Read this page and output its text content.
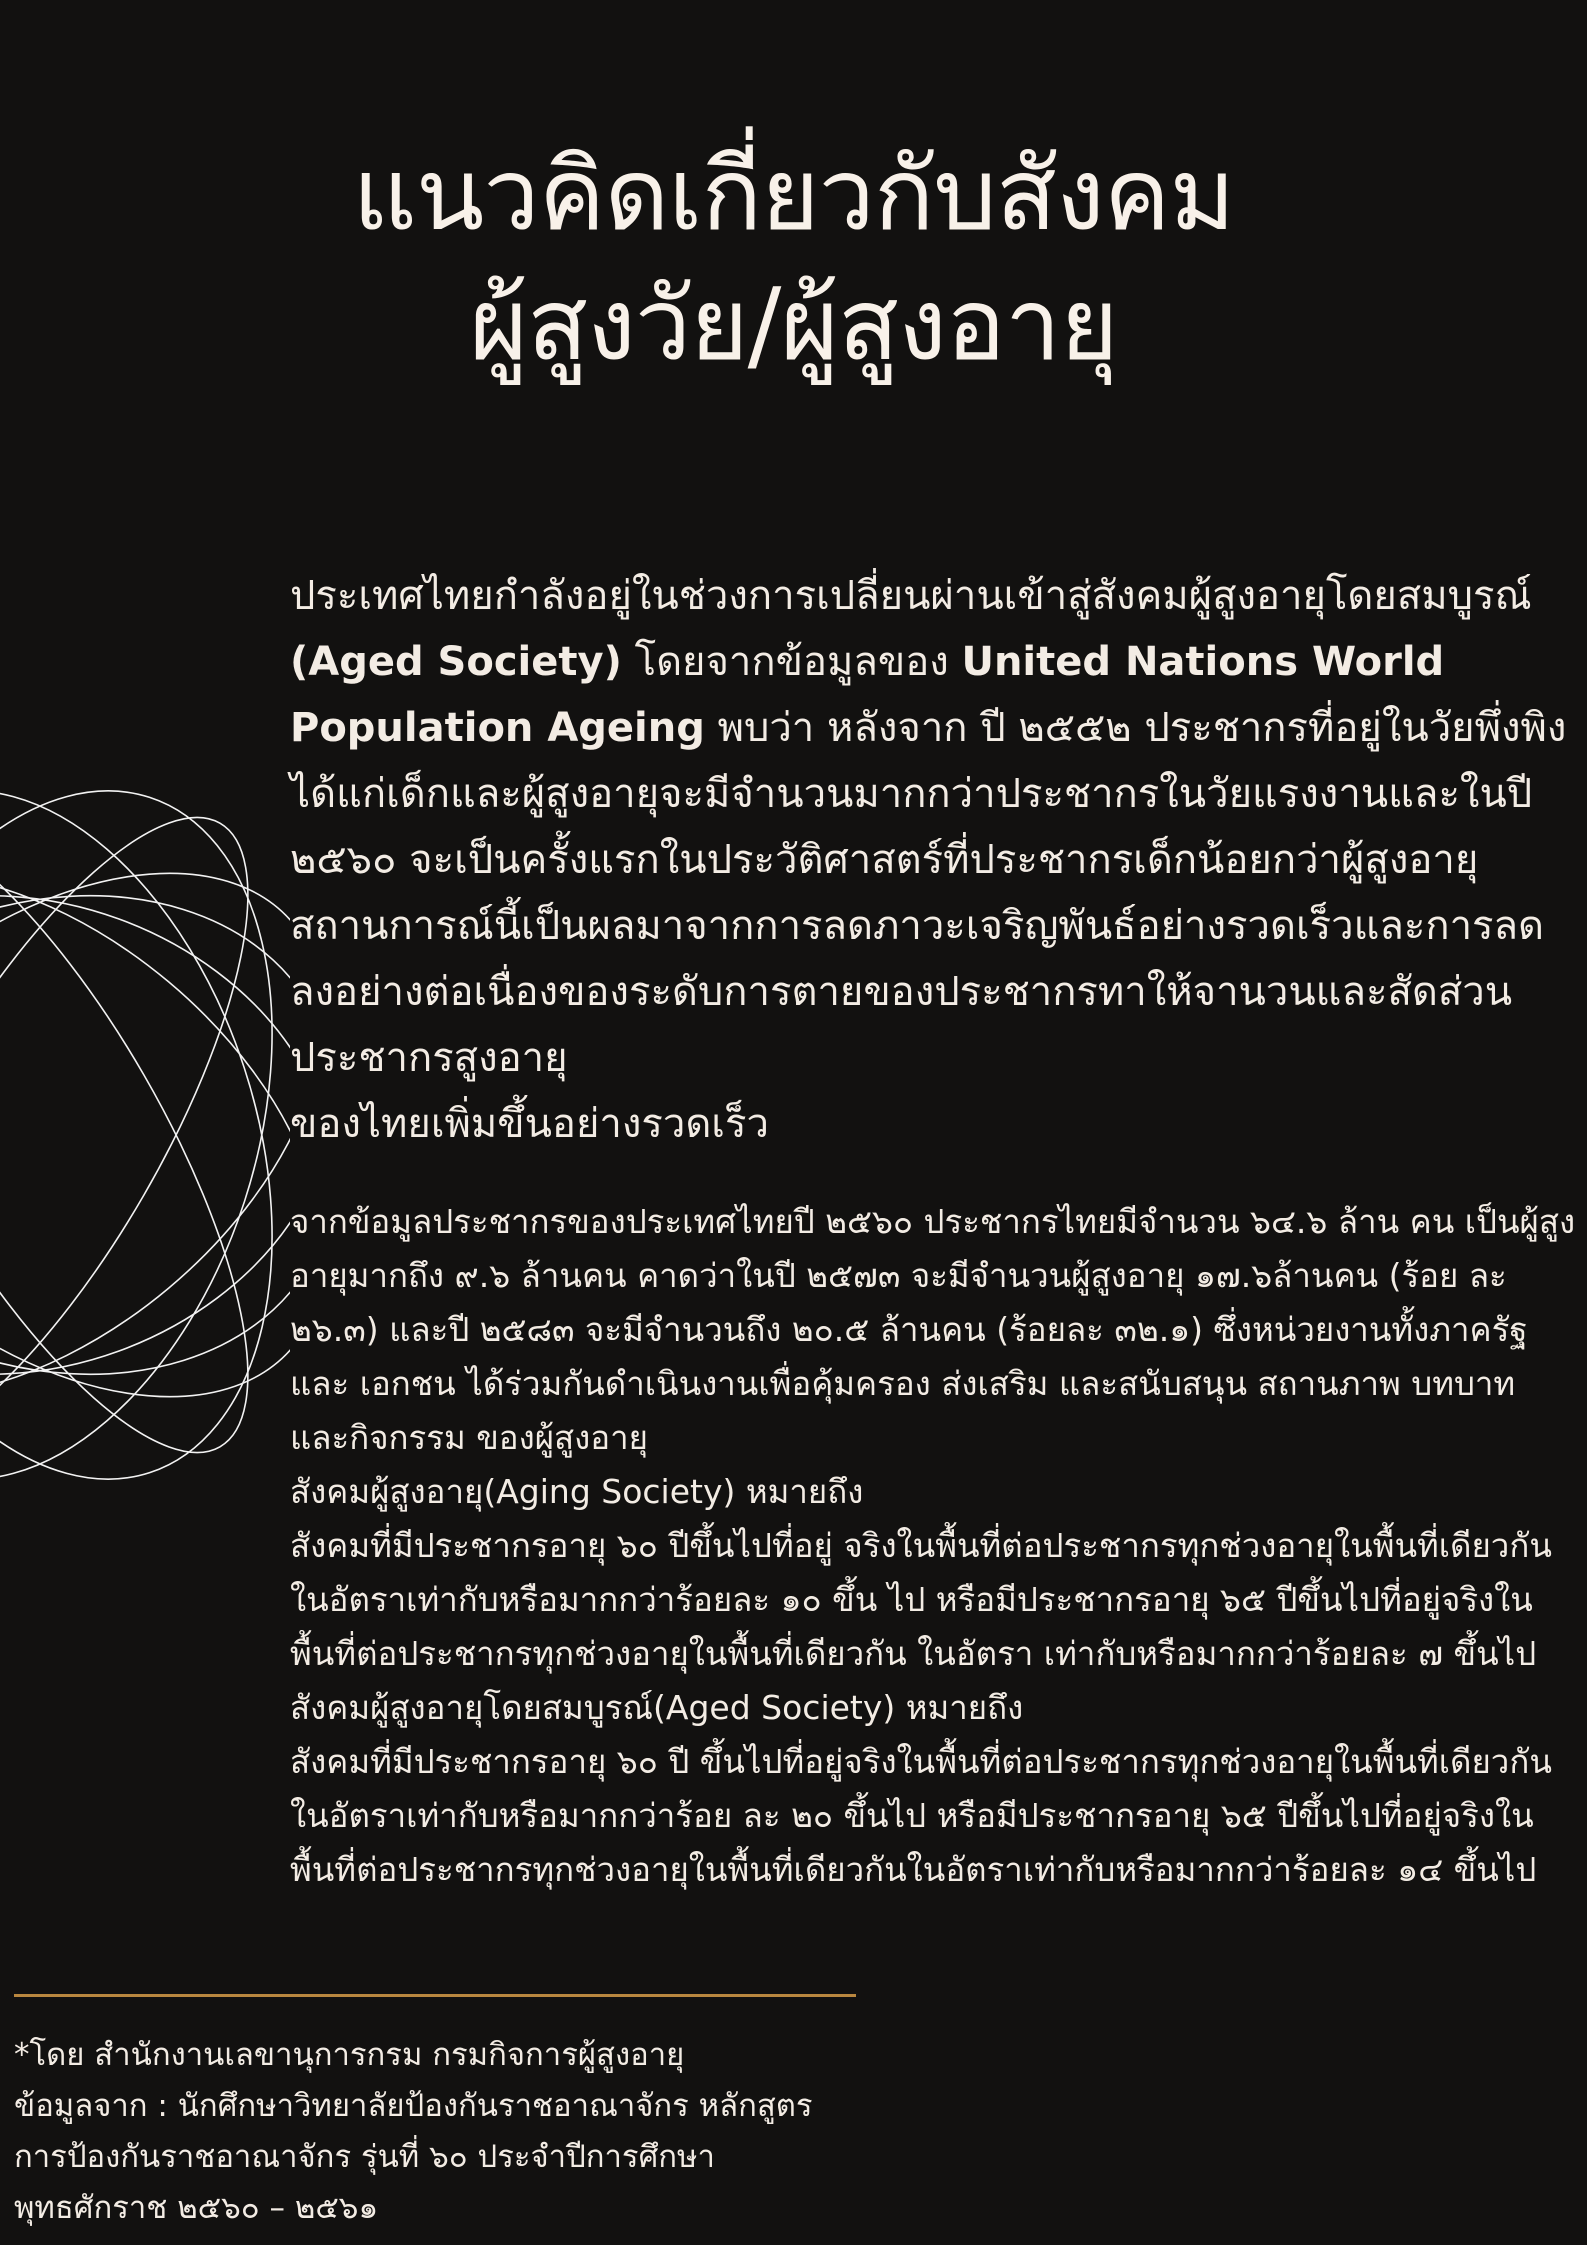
แนวคิดเกี่ยวกับสังคม
ผู้สูงวัย/ผู้สูงอายุ

ประเทศไทยกำลังอยู่ในช่วงการเปลี่ยนผ่านเข้าสู่สังคมผู้สูงอายุโดยสมบูรณ์ (Aged Society) โดยจากข้อมูลของ United Nations World Population Ageing พบว่า หลังจาก ปี ๒๕๕๒ ประชากรที่อยู่ในวัยพึ่งพิงได้แก่เด็กและผู้สูงอายุจะมีจำนวนมากกว่าประชากรในวัยแรงงานและในปี ๒๕๖๐ จะเป็นครั้งแรกในประวัติศาสตร์ที่ประชากรเด็กน้อยกว่าผู้สูงอายุสถานการณ์นี้เป็นผลมาจากการลดภาวะเจริญพันธ์อย่างรวดเร็วและการลดลงอย่างต่อเนื่องของระดับการตายของประชากรทาให้จานวนและสัดส่วนประชากรสูงอายุ
ของไทยเพิ่มขึ้นอย่างรวดเร็ว

จากข้อมูลประชากรของประเทศไทยปี ๒๕๖๐ ประชากรไทยมีจำนวน ๖๔.๖ ล้าน คน เป็นผู้สูงอายุมากถึง ๙.๖ ล้านคน คาดว่าในปี ๒๕๗๓ จะมีจำนวนผู้สูงอายุ ๑๗.๖ล้านคน (ร้อย ละ ๒๖.๓) และปี ๒๕๘๓ จะมีจำนวนถึง ๒๐.๕ ล้านคน (ร้อยละ ๓๒.๑) ซึ่งหน่วยงานทั้งภาครัฐ และ เอกชน ได้ร่วมกันดำเนินงานเพื่อคุ้มครอง ส่งเสริม และสนับสนุน สถานภาพ บทบาท และกิจกรรม ของผู้สูงอายุ
สังคมผู้สูงอายุ(Aging Society) หมายถึง
สังคมที่มีประชากรอายุ ๖๐ ปีขึ้นไปที่อยู่ จริงในพื้นที่ต่อประชากรทุกช่วงอายุในพื้นที่เดียวกันในอัตราเท่ากับหรือมากกว่าร้อยละ ๑๐ ขึ้น ไป หรือมีประชากรอายุ ๖๕ ปีขึ้นไปที่อยู่จริงในพื้นที่ต่อประชากรทุกช่วงอายุในพื้นที่เดียวกัน ในอัตรา เท่ากับหรือมากกว่าร้อยละ ๗ ขึ้นไป
สังคมผู้สูงอายุโดยสมบูรณ์(Aged Society) หมายถึง
สังคมที่มีประชากรอายุ ๖๐ ปี ขึ้นไปที่อยู่จริงในพื้นที่ต่อประชากรทุกช่วงอายุในพื้นที่เดียวกันในอัตราเท่ากับหรือมากกว่าร้อย ละ ๒๐ ขึ้นไป หรือมีประชากรอายุ ๖๕ ปีขึ้นไปที่อยู่จริงในพื้นที่ต่อประชากรทุกช่วงอายุในพื้นที่เดียวกันในอัตราเท่ากับหรือมากกว่าร้อยละ ๑๔ ขึ้นไป
*โดย สำนักงานเลขานุการกรม กรมกิจการผู้สูงอายุ
ข้อมูลจาก : นักศึกษาวิทยาลัยป้องกันราชอาณาจักร หลักสูตร
การป้องกันราชอาณาจักร รุ่นที่ ๖๐ ประจำปีการศึกษา
พุทธศักราช ๒๕๖๐ – ๒๕๖๑
